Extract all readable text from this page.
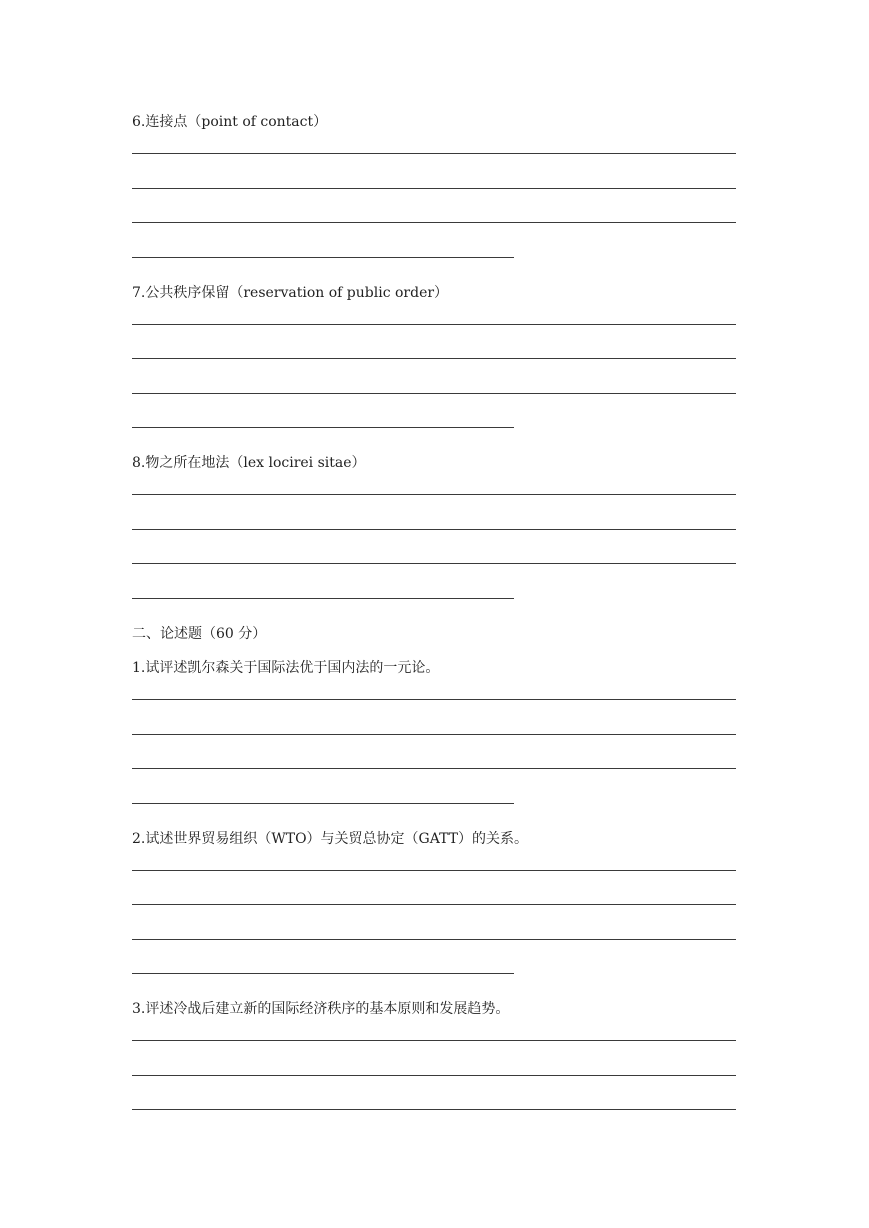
6.连接点（point of contact）
7.公共秩序保留（reservation of public order）
8.物之所在地法（lex locirei sitae）
二、论述题（60 分）
1.试评述凯尔森关于国际法优于国内法的一元论。
2.试述世界贸易组织（WTO）与关贸总协定（GATT）的关系。
3.评述冷战后建立新的国际经济秩序的基本原则和发展趋势。
